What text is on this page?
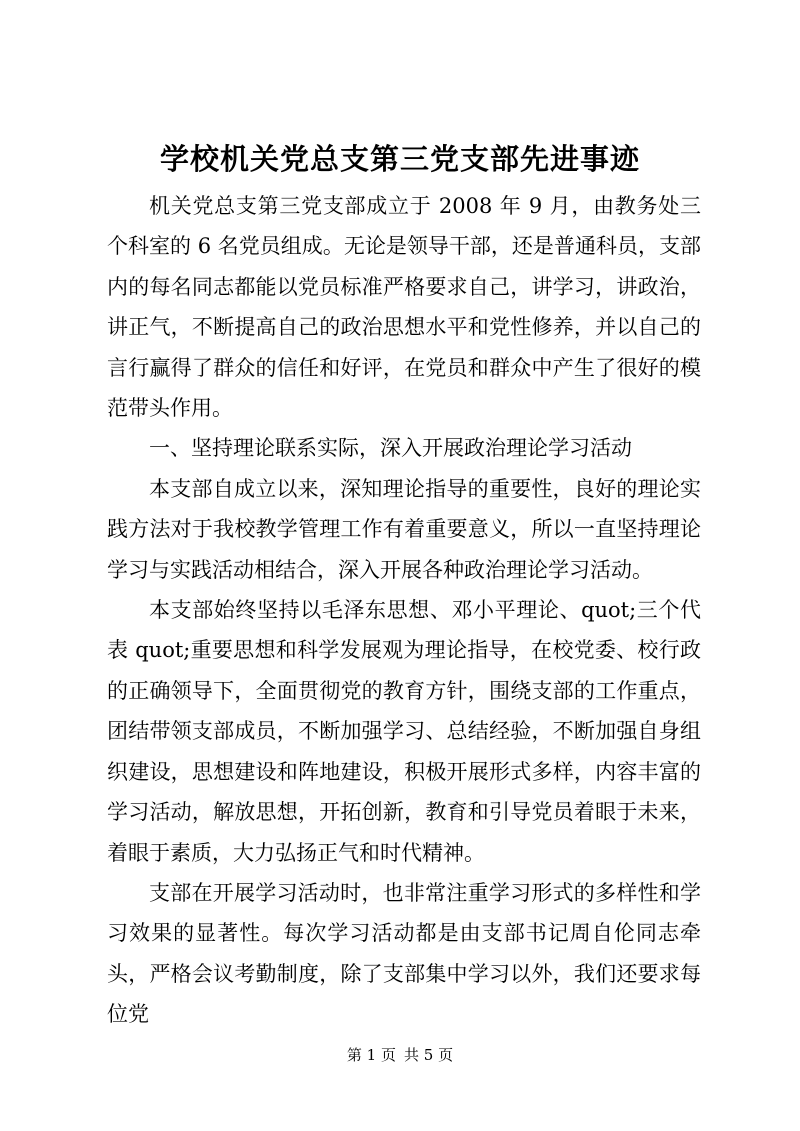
学校机关党总支第三党支部先进事迹

机关党总支第三党支部成立于 2008 年 9 月，由教务处三个科室的 6 名党员组成。无论是领导干部，还是普通科员，支部内的每名同志都能以党员标准严格要求自己，讲学习，讲政治，讲正气，不断提高自己的政治思想水平和党性修养，并以自己的言行赢得了群众的信任和好评，在党员和群众中产生了很好的模范带头作用。

一、坚持理论联系实际，深入开展政治理论学习活动

本支部自成立以来，深知理论指导的重要性，良好的理论实践方法对于我校教学管理工作有着重要意义，所以一直坚持理论学习与实践活动相结合，深入开展各种政治理论学习活动。

本支部始终坚持以毛泽东思想、邓小平理论、quot;三个代表 quot;重要思想和科学发展观为理论指导，在校党委、校行政的正确领导下，全面贯彻党的教育方针，围绕支部的工作重点，团结带领支部成员，不断加强学习、总结经验，不断加强自身组织建设，思想建设和阵地建设，积极开展形式多样，内容丰富的学习活动，解放思想，开拓创新，教育和引导党员着眼于未来，着眼于素质，大力弘扬正气和时代精神。

支部在开展学习活动时，也非常注重学习形式的多样性和学习效果的显著性。每次学习活动都是由支部书记周自伦同志牵头，严格会议考勤制度，除了支部集中学习以外，我们还要求每位党

第 1 页 共 5 页
